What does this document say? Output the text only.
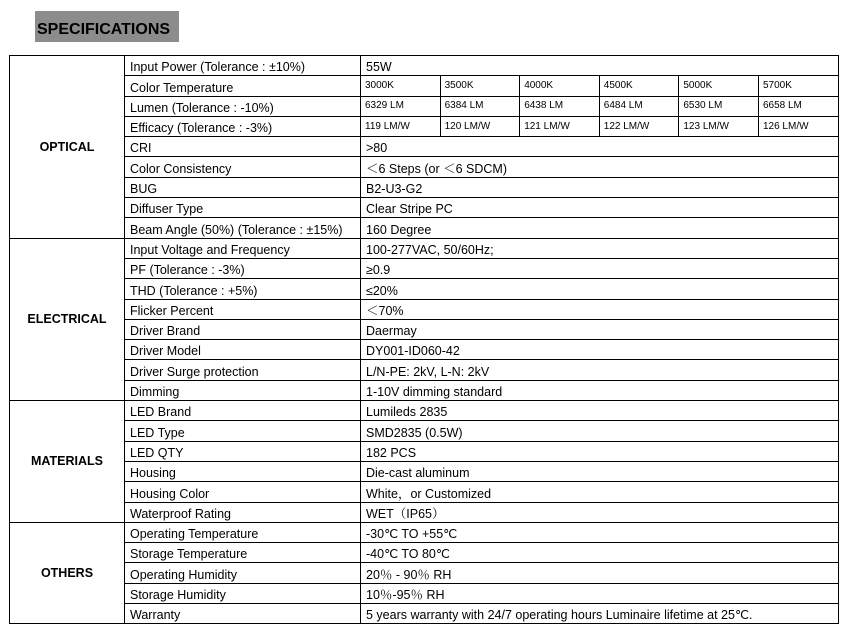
SPECIFICATIONS
OPTICAL	Input Power (Tolerance : ±10%)	55W					
	Color Temperature	3000K	3500K	4000K	4500K	5000K	5700K
	Lumen (Tolerance : -10%)	6329 LM	6384 LM	6438 LM	6484 LM	6530 LM	6658 LM
	Efficacy (Tolerance : -3%)	119 LM/W	120 LM/W	121 LM/W	122 LM/W	123 LM/W	126 LM/W
	CRI	>80					
	Color Consistency	＜6 Steps (or ＜6 SDCM)					
	BUG	B2-U3-G2					
	Diffuser Type	Clear Stripe PC					
	Beam Angle (50%) (Tolerance : ±15%)	160 Degree					
ELECTRICAL	Input Voltage and Frequency	100-277VAC, 50/60Hz;					
	PF (Tolerance : -3%)	≥0.9					
	THD (Tolerance : +5%)	≤20%					
	Flicker Percent	＜70%					
	Driver Brand	Daermay					
	Driver Model	DY001-ID060-42					
	Driver Surge protection	L/N-PE: 2kV, L-N: 2kV					
	Dimming	1-10V dimming standard					
MATERIALS	LED Brand	Lumileds 2835					
	LED Type	SMD2835 (0.5W)					
	LED QTY	182 PCS					
	Housing	Die-cast aluminum					
	Housing Color	White，or Customized					
	Waterproof Rating	WET（IP65）					
OTHERS	Operating Temperature	-30℃ TO +55℃					
	Storage Temperature	-40℃ TO 80℃					
	Operating Humidity	20％ - 90％ RH					
	Storage Humidity	10％-95％ RH					
	Warranty	5 years warranty with 24/7 operating hours Luminaire lifetime at 25℃.					
